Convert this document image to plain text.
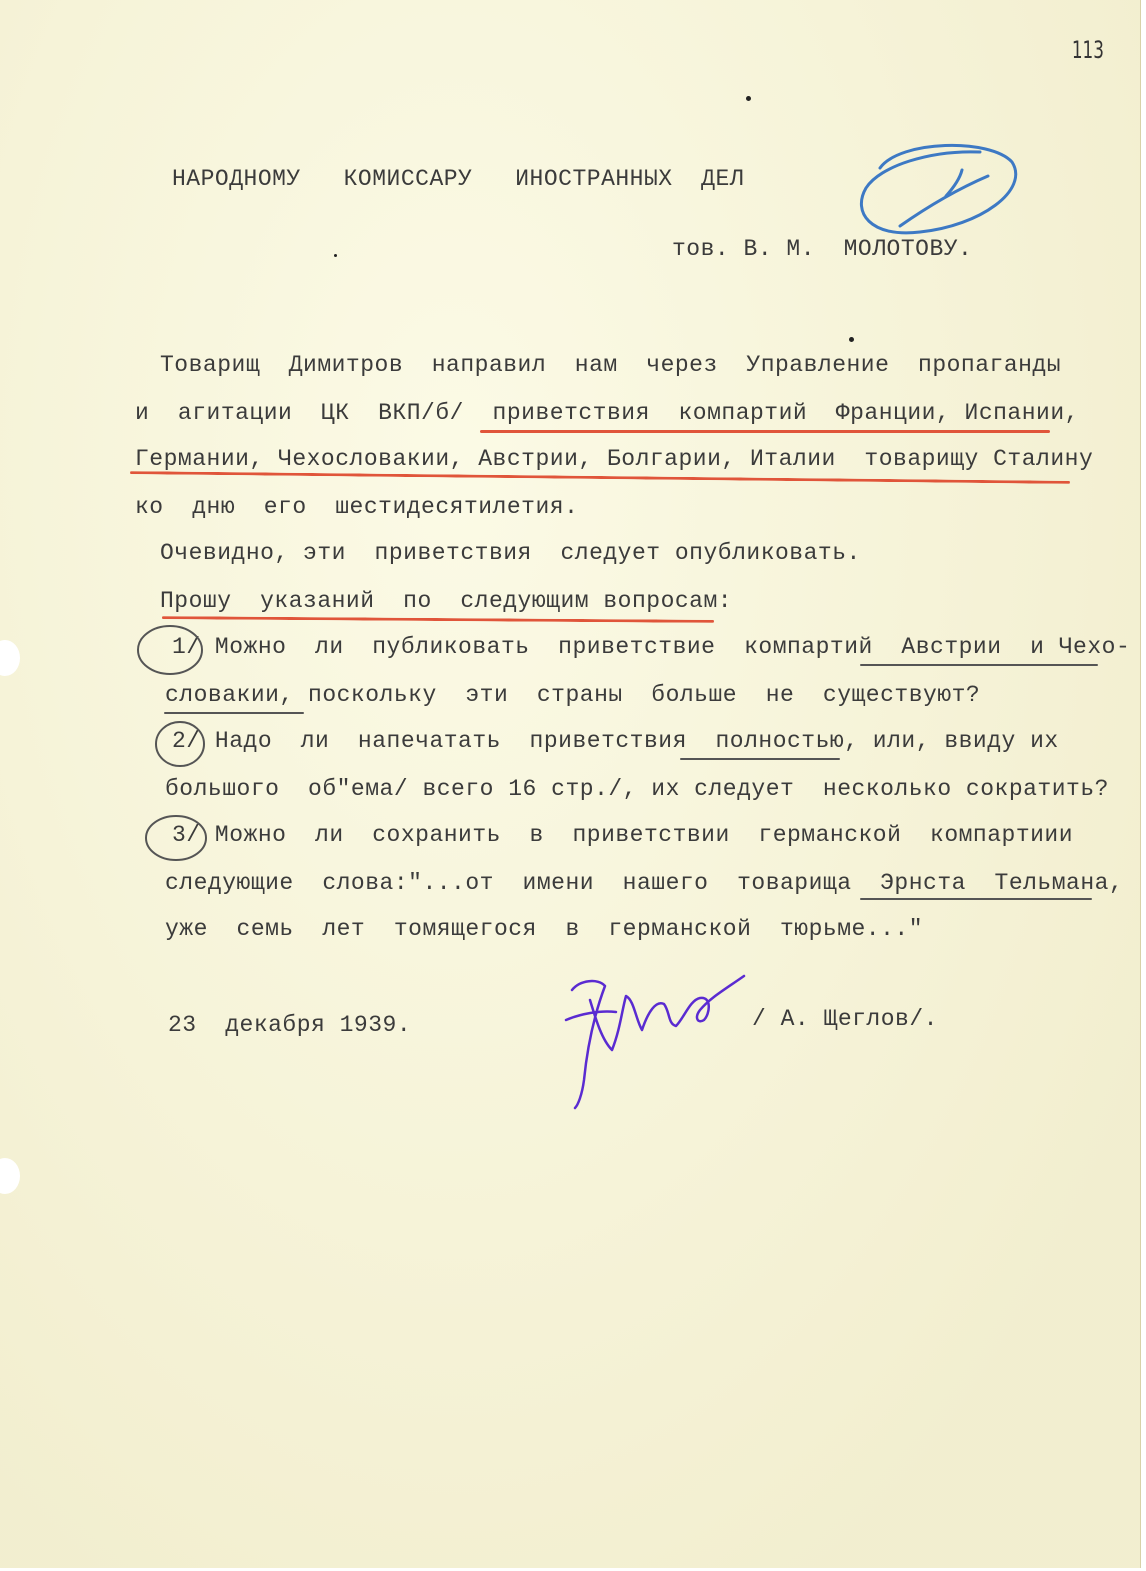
113
НАРОДНОМУ   КОМИССАРУ   ИНОСТРАННЫХ  ДЕЛ
тов. В. М.  МОЛОТОВУ.
Товарищ  Димитров  направил  нам  через  Управление  пропаганды
и  агитации  ЦК  ВКП/б/  приветствия  компартий  Франции, Испании,
Германии, Чехословакии, Австрии, Болгарии, Италии  товарищу Сталину
ко  дню  его  шестидесятилетия.
Очевидно, эти  приветствия  следует опубликовать.
Прошу  указаний  по  следующим вопросам:
1/ Можно  ли  публиковать  приветствие  компартий  Австрии  и Чехо-
словакии, поскольку  эти  страны  больше  не  существуют?
2/ Надо  ли  напечатать  приветствия  полностью, или, ввиду их
большого  об"ема/ всего 16 стр./, их следует  несколько сократить?
3/ Можно  ли  сохранить  в  приветствии  германской  компартиии
следующие  слова:"...от  имени  нашего  товарища  Эрнста  Тельмана,
уже  семь  лет  томящегося  в  германской  тюрьме..."
23  декабря 1939.	/ А. Щеглов/.
